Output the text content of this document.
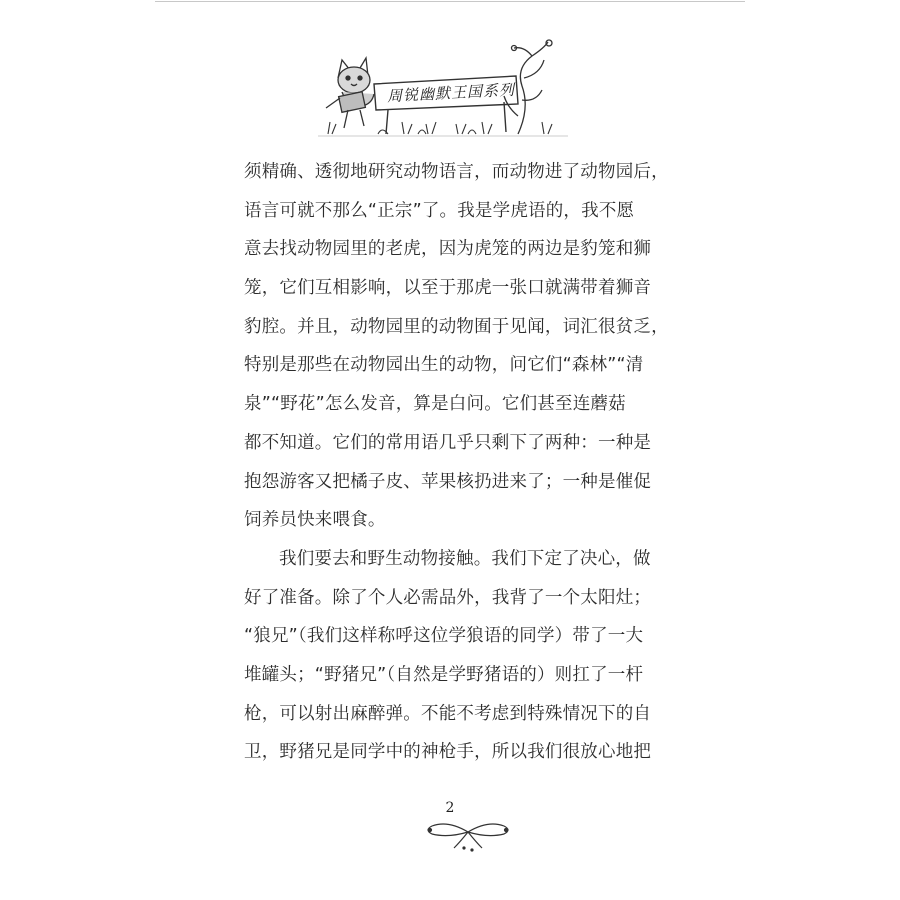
周锐幽默王国系列
须精确、透彻地研究动物语言，而动物进了动物园后，
语言可就不那么“正宗”了。我是学虎语的，我不愿
意去找动物园里的老虎，因为虎笼的两边是豹笼和狮
笼，它们互相影响，以至于那虎一张口就满带着狮音
豹腔。并且，动物园里的动物囿于见闻，词汇很贫乏，
特别是那些在动物园出生的动物，问它们“森林”“清
泉”“野花”怎么发音，算是白问。它们甚至连蘑菇
都不知道。它们的常用语几乎只剩下了两种：一种是
抱怨游客又把橘子皮、苹果核扔进来了；一种是催促
饲养员快来喂食。
我们要去和野生动物接触。我们下定了决心，做
好了准备。除了个人必需品外，我背了一个太阳灶；
“狼兄”（我们这样称呼这位学狼语的同学）带了一大
堆罐头；“野猪兄”（自然是学野猪语的）则扛了一杆
枪，可以射出麻醉弹。不能不考虑到特殊情况下的自
卫，野猪兄是同学中的神枪手，所以我们很放心地把
2
